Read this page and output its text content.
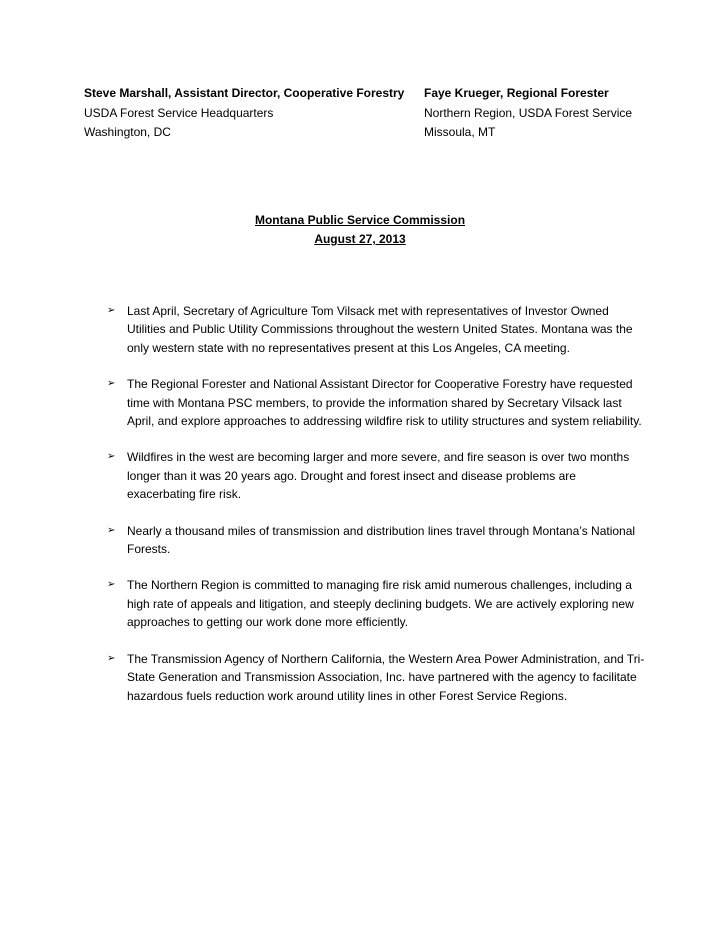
Steve Marshall, Assistant Director, Cooperative Forestry
USDA Forest Service Headquarters
Washington, DC
Faye Krueger, Regional Forester
Northern Region, USDA Forest Service
Missoula, MT
Montana Public Service Commission
August 27, 2013
➢ Last April, Secretary of Agriculture Tom Vilsack met with representatives of Investor Owned Utilities and Public Utility Commissions throughout the western United States. Montana was the only western state with no representatives present at this Los Angeles, CA meeting.
➢ The Regional Forester and National Assistant Director for Cooperative Forestry have requested time with Montana PSC members, to provide the information shared by Secretary Vilsack last April, and explore approaches to addressing wildfire risk to utility structures and system reliability.
➢ Wildfires in the west are becoming larger and more severe, and fire season is over two months longer than it was 20 years ago. Drought and forest insect and disease problems are exacerbating fire risk.
➢ Nearly a thousand miles of transmission and distribution lines travel through Montana’s National Forests.
➢ The Northern Region is committed to managing fire risk amid numerous challenges, including a high rate of appeals and litigation, and steeply declining budgets. We are actively exploring new approaches to getting our work done more efficiently.
➢ The Transmission Agency of Northern California, the Western Area Power Administration, and Tri-State Generation and Transmission Association, Inc. have partnered with the agency to facilitate hazardous fuels reduction work around utility lines in other Forest Service Regions.
